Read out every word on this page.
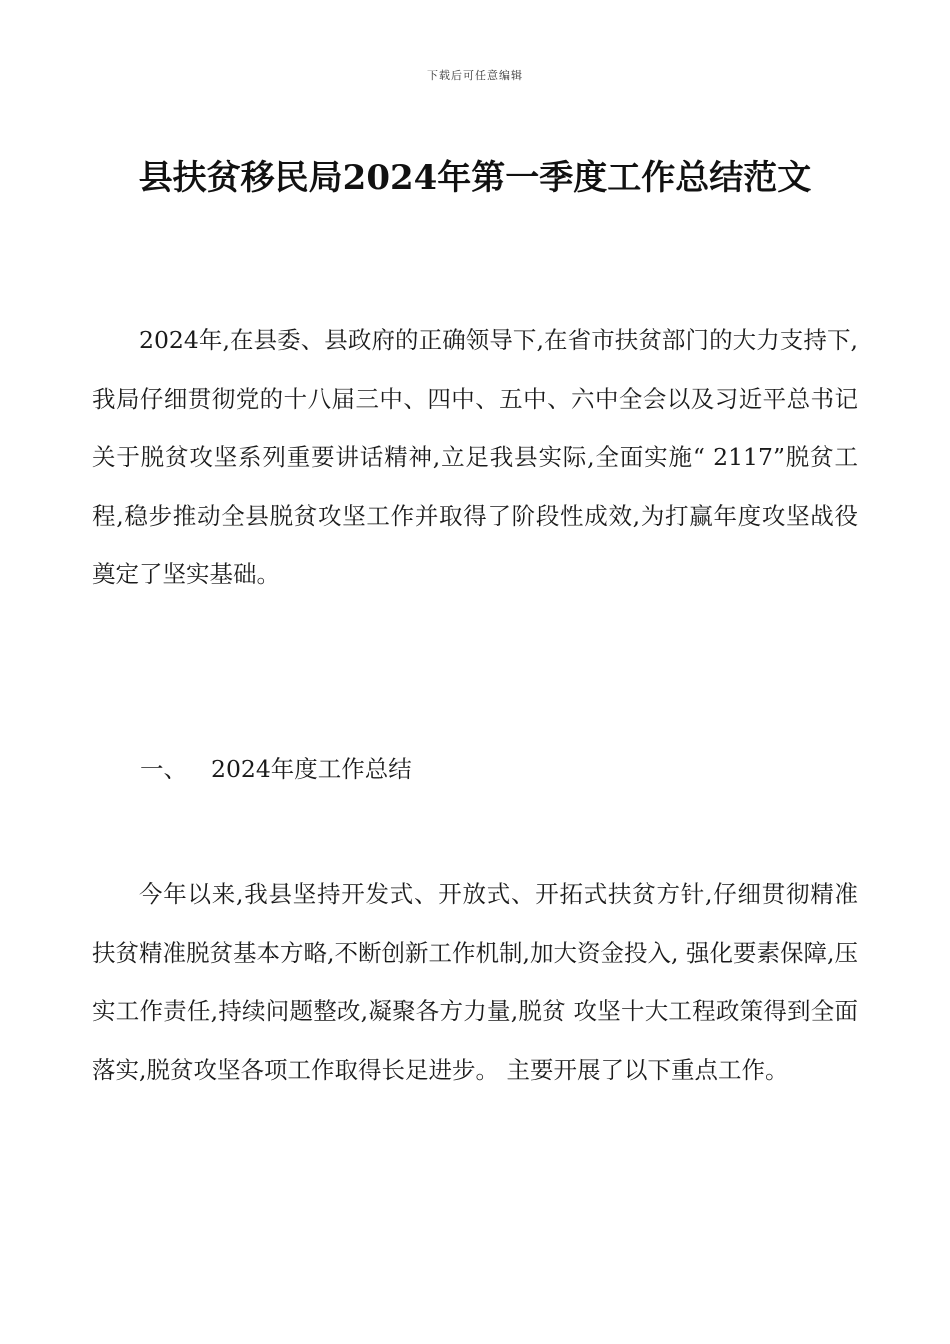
下载后可任意编辑
县扶贫移民局2024年第一季度工作总结范文

2024年,在县委、县政府的正确领导下,在省市扶贫部门的大力支持下,我局仔细贯彻党的十八届三中、四中、五中、六中全会以及习近平总书记关于脱贫攻坚系列重要讲话精神,立足我县实际,全面实施“ 2117”脱贫工程,稳步推动全县脱贫攻坚工作并取得了阶段性成效,为打赢年度攻坚战役奠定了坚实基础。

一、 2024年度工作总结

今年以来,我县坚持开发式、开放式、开拓式扶贫方针,仔细贯彻精准扶贫精准脱贫基本方略,不断创新工作机制,加大资金投入, 强化要素保障,压实工作责任,持续问题整改,凝聚各方力量,脱贫 攻坚十大工程政策得到全面落实,脱贫攻坚各项工作取得长足进步。 主要开展了以下重点工作。
